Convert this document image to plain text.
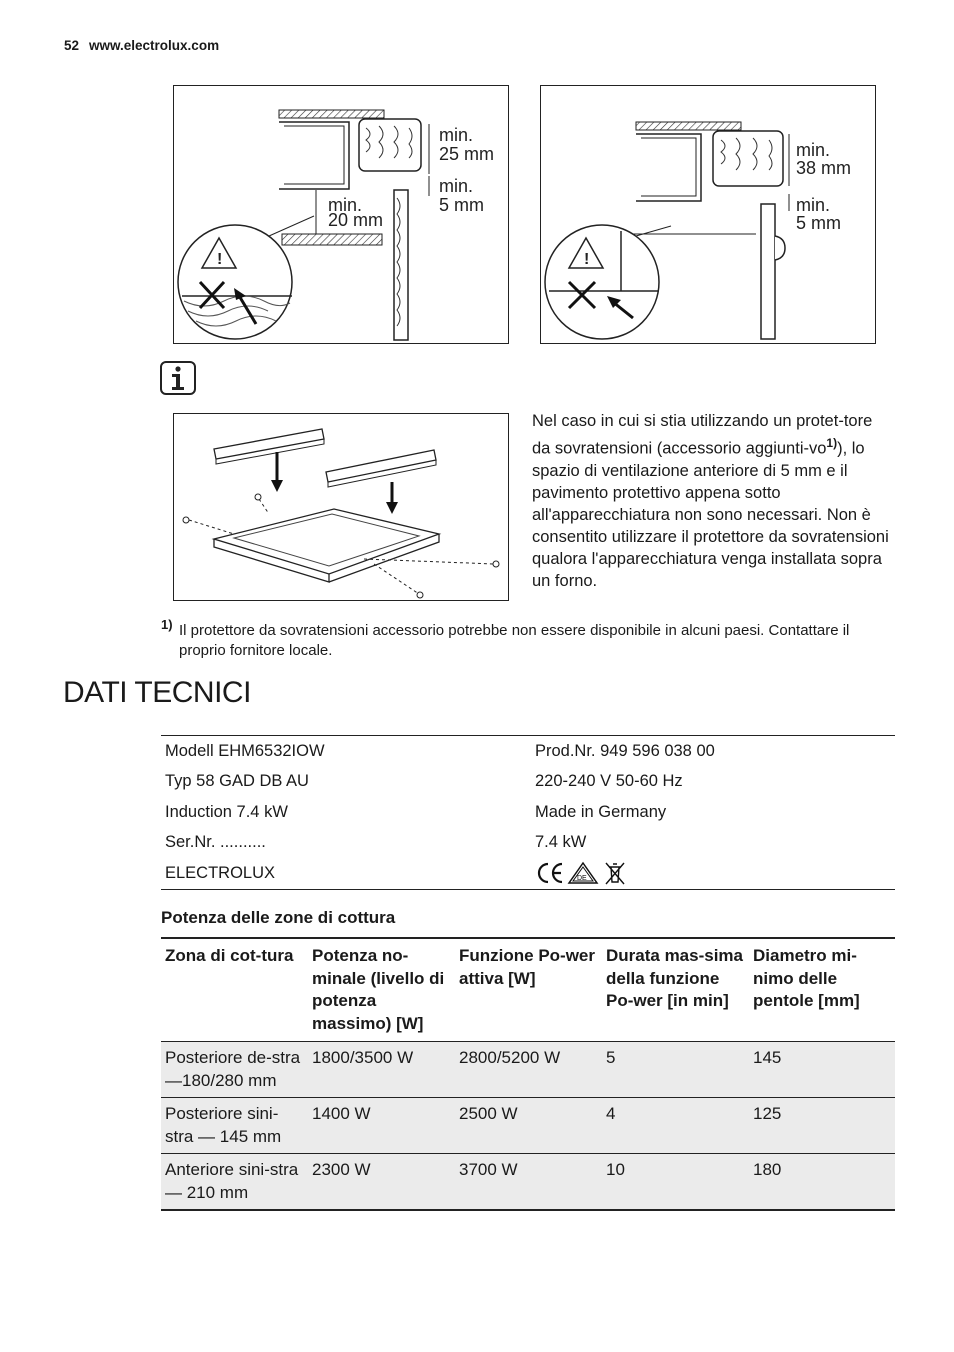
52 www.electrolux.com
!
min.
25 mm
min.
5 mm
min.
20 mm
!
min.
38 mm
min.
5 mm
Nel caso in cui si stia utilizzando un protet-tore da sovratensioni (accessorio aggiunti-$vo^{1)}$), lo spazio di ventilazione anteriore di 5 mm e il pavimento protettivo appena sotto all'apparecchiatura non sono necessari. Non è consentito utilizzare il protettore da sovratensioni qualora l'apparecchiatura venga installata sopra un forno.
1) Il protettore da sovratensioni accessorio potrebbe non essere disponibile in alcuni paesi. Contattare il proprio fornitore locale.
DATI TECNICI
Modell EHM6532IOW	Prod.Nr. 949 596 038 00
Typ 58 GAD DB AU	220-240 V 50-60 Hz
Induction 7.4 kW	Made in Germany
Ser.Nr. ..........	7.4 kW
ELECTROLUX	DE
Potenza delle zone di cottura
Zona di cot-tura	Potenza no-minale (livello di potenza massimo) [W]	Funzione Po-wer attiva [W]	Durata mas-sima della funzione Po-wer [in min]	Diametro mi-nimo delle pentole [mm]
Posteriore de-stra —180/280 mm	1800/3500 W	2800/5200 W	5	145
Posteriore sini-stra — 145 mm	1400 W	2500 W	4	125
Anteriore sini-stra — 210 mm	2300 W	3700 W	10	180
